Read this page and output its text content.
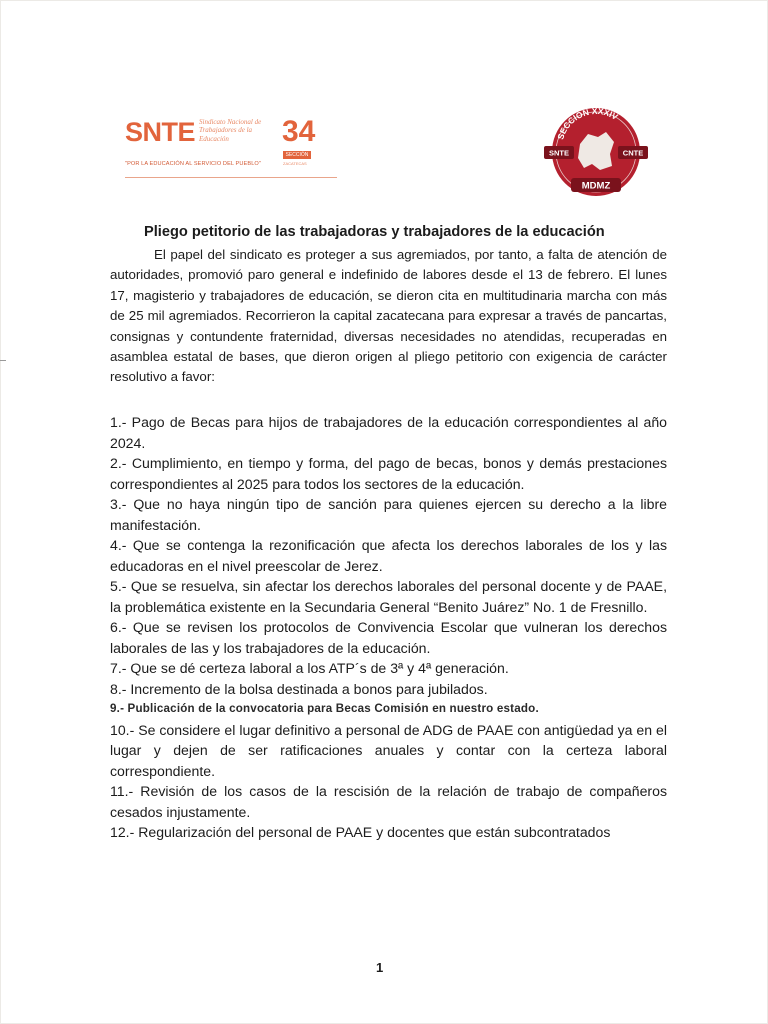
SNTE Sindicato Nacional de Trabajadores de la Educación	34
SECCIÓN
ZACATECAS
"POR LA EDUCACIÓN AL SERVICIO DEL PUEBLO"
SECCIÓN XXXIV
SNTE	CNTE
MDMZ
Pliego petitorio de las trabajadoras y trabajadores de la educación
El papel del sindicato es proteger a sus agremiados, por tanto, a falta de atención de autoridades, promovió paro general e indefinido de labores desde el 13 de febrero. El lunes 17, magisterio y trabajadores de educación, se dieron cita en multitudinaria marcha con más de 25 mil agremiados. Recorrieron la capital zacatecana para expresar a través de pancartas, consignas y contundente fraternidad, diversas necesidades no atendidas, recuperadas en asamblea estatal de bases, que dieron origen al pliego petitorio con exigencia de carácter resolutivo a favor:
1.- Pago de Becas para hijos de trabajadores de la educación correspondientes al año 2024.
2.- Cumplimiento, en tiempo y forma, del pago de becas, bonos y demás prestaciones correspondientes al 2025 para todos los sectores de la educación.
3.- Que no haya ningún tipo de sanción para quienes ejercen su derecho a la libre manifestación.
4.- Que se contenga la rezonificación que afecta los derechos laborales de los y las educadoras en el nivel preescolar de Jerez.
5.- Que se resuelva, sin afectar los derechos laborales del personal docente y de PAAE, la problemática existente en la Secundaria General “Benito Juárez” No. 1 de Fresnillo.
6.- Que se revisen los protocolos de Convivencia Escolar que vulneran los derechos laborales de las y los trabajadores de la educación.
7.- Que se dé certeza laboral a los ATP´s de 3ª y 4ª generación.
8.- Incremento de la bolsa destinada a bonos para jubilados.
9.- Publicación de la convocatoria para Becas Comisión en nuestro estado.
10.- Se considere el lugar definitivo a personal de ADG de PAAE con antigüedad ya en el lugar y dejen de ser ratificaciones anuales y contar con la certeza laboral correspondiente.
11.- Revisión de los casos de la rescisión de la relación de trabajo de compañeros cesados injustamente.
12.- Regularización del personal de PAAE y docentes que están subcontratados
1
